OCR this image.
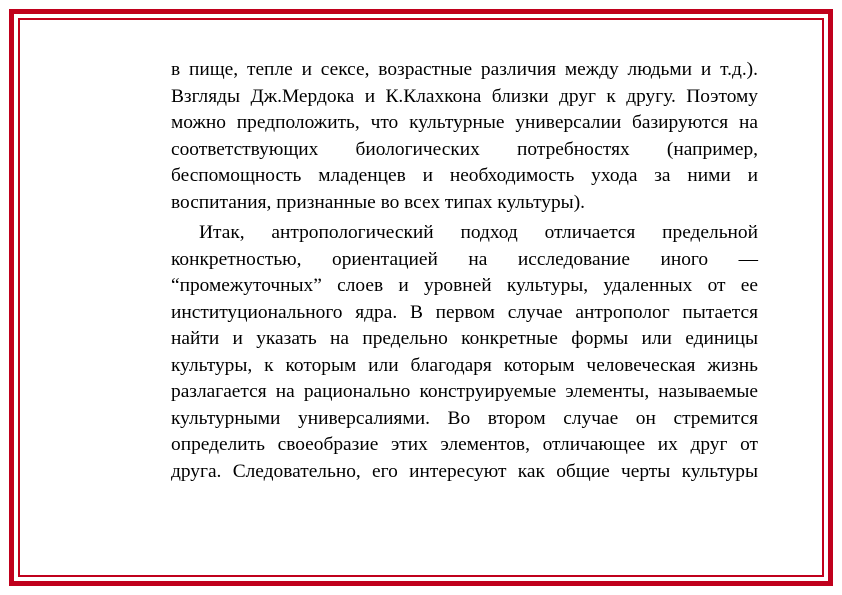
в пище, тепле и сексе, возрастные различия между людьми и т.д.). Взгляды Дж.Мердока и К.Клахкона близки друг к другу. Поэтому можно предположить, что культурные универсалии базируются на соответствующих биологических потребностях (например, беспомощность младенцев и необходимость ухода за ними и воспитания, признанные во всех типах культуры).

Итак, антропологический подход отличается предельной конкретностью, ориентацией на исследование иного — “промежуточных” слоев и уровней культуры, удаленных от ее институционального ядра. В первом случае антрополог пытается найти и указать на предельно конкретные формы или единицы культуры, к которым или благодаря которым человеческая жизнь разлагается на рационально конструируемые элементы, называемые культурными универсалиями. Во втором случае он стремится определить своеобразие этих элементов, отличающее их друг от друга. Следовательно, его интересуют как общие черты культуры
